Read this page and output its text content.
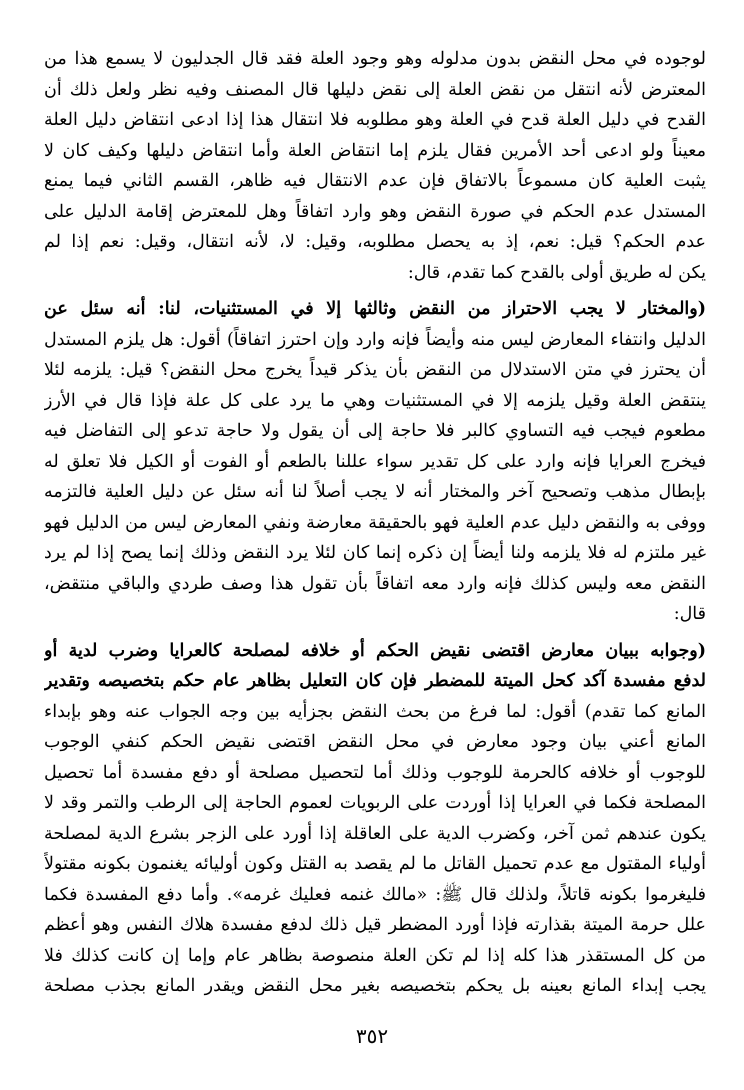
لوجوده في محل النقض بدون مدلوله وهو وجود العلة فقد قال الجدليون لا يسمع هذا من
المعترض لأنه انتقل من نقض العلة إلى نقض دليلها قال المصنف وفيه نظر ولعل ذلك أن
القدح في دليل العلة قدح في العلة وهو مطلوبه فلا انتقال هذا إذا ادعى انتقاض دليل العلة
معيناً ولو ادعى أحد الأمرين فقال يلزم إما انتقاض العلة وأما انتقاض دليلها وكيف كان لا
يثبت العلية كان مسموعاً بالاتفاق فإن عدم الانتقال فيه ظاهر، القسم الثاني فيما يمنع
المستدل عدم الحكم في صورة النقض وهو وارد اتفاقاً وهل للمعترض إقامة الدليل على
عدم الحكم؟ قيل: نعم، إذ به يحصل مطلوبه، وقيل: لا، لأنه انتقال، وقيل: نعم إذا لم
يكن له طريق أولى بالقدح كما تقدم، قال:
(والمختار لا يجب الاحتراز من النقض وثالثها إلا في المستثنيات، لنا: أنه سئل عن
الدليل وانتفاء المعارض ليس منه وأيضاً فإنه وارد وإن احترز اتفاقاً) أقول: هل يلزم المستدل
أن يحترز في متن الاستدلال من النقض بأن يذكر قيداً يخرج محل النقض؟ قيل: يلزمه لئلا
ينتقض العلة وقيل يلزمه إلا في المستثنيات وهي ما يرد على كل علة فإذا قال في الأرز
مطعوم فيجب فيه التساوي كالبر فلا حاجة إلى أن يقول ولا حاجة تدعو إلى التفاضل فيه
فيخرج العرايا فإنه وارد على كل تقدير سواء عللنا بالطعم أو الفوت أو الكيل فلا تعلق له
بإبطال مذهب وتصحيح آخر والمختار أنه لا يجب أصلاً لنا أنه سئل عن دليل العلية فالتزمه
ووفى به والنقض دليل عدم العلية فهو بالحقيقة معارضة ونفي المعارض ليس من الدليل فهو
غير ملتزم له فلا يلزمه ولنا أيضاً إن ذكره إنما كان لئلا يرد النقض وذلك إنما يصح إذا لم يرد
النقض معه وليس كذلك فإنه وارد معه اتفاقاً بأن تقول هذا وصف طردي والباقي منتقض،
قال:
(وجوابه ببيان معارض اقتضى نقيض الحكم أو خلافه لمصلحة كالعرايا وضرب لدية أو
لدفع مفسدة آكد كحل الميتة للمضطر فإن كان التعليل بظاهر عام حكم بتخصيصه وتقدير
المانع كما تقدم) أقول: لما فرغ من بحث النقض بجزأيه بين وجه الجواب عنه وهو بإبداء
المانع أعني بيان وجود معارض في محل النقض اقتضى نقيض الحكم كنفي الوجوب
للوجوب أو خلافه كالحرمة للوجوب وذلك أما لتحصيل مصلحة أو دفع مفسدة أما تحصيل
المصلحة فكما في العرايا إذا أوردت على الربويات لعموم الحاجة إلى الرطب والتمر وقد لا
يكون عندهم ثمن آخر، وكضرب الدية على العاقلة إذا أورد على الزجر بشرع الدية لمصلحة
أولياء المقتول مع عدم تحميل القاتل ما لم يقصد به القتل وكون أوليائه يغنمون بكونه مقتولاً
فليغرموا بكونه قاتلاً، ولذلك قال ﷺ: «مالك غنمه فعليك غرمه». وأما دفع المفسدة فكما
علل حرمة الميتة بقذارته فإذا أورد المضطر قيل ذلك لدفع مفسدة هلاك النفس وهو أعظم
من كل المستقذر هذا كله إذا لم تكن العلة منصوصة بظاهر عام وإما إن كانت كذلك فلا
يجب إبداء المانع بعينه بل يحكم بتخصيصه بغير محل النقض ويقدر المانع بجذب مصلحة
٣٥٢
